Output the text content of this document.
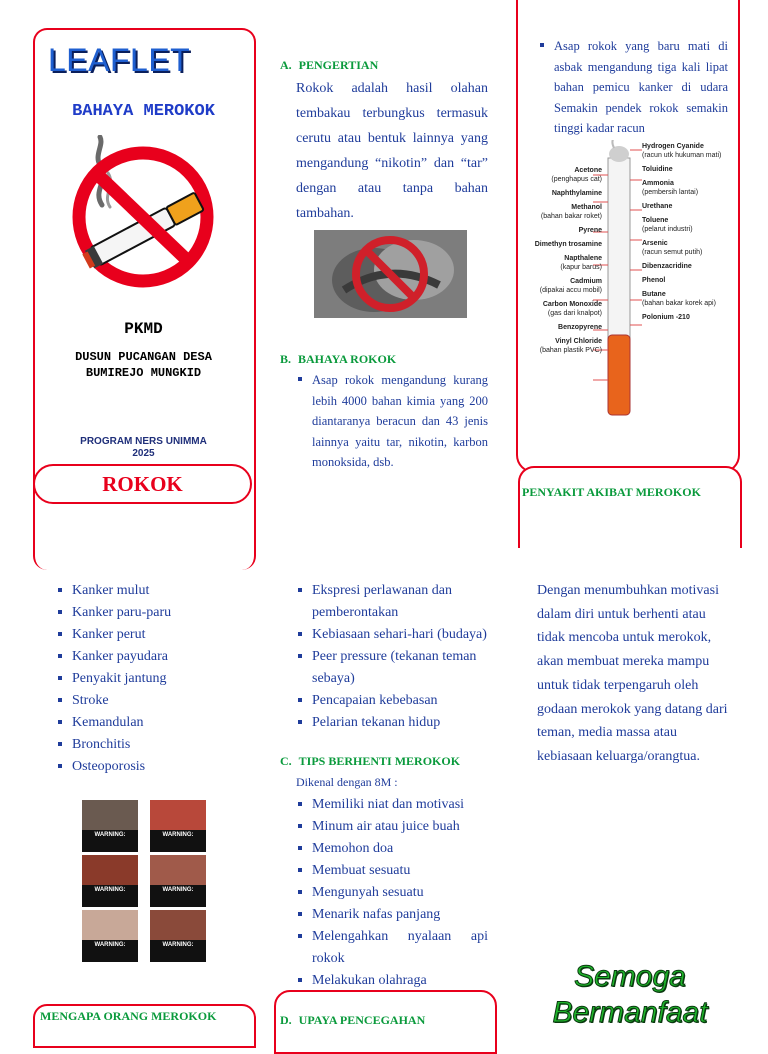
LEAFLET
BAHAYA MEROKOK
PKMD
DUSUN PUCANGAN DESA
BUMIREJO MUNGKID
PROGRAM NERS UNIMMA
2025
ROKOK
A. PENGERTIAN
Rokok adalah hasil olahan tembakau terbungkus termasuk cerutu atau bentuk lainnya yang mengandung “nikotin” dan “tar” dengan atau tanpa bahan tambahan.
B. BAHAYA ROKOK
Asap rokok mengandung kurang lebih 4000 bahan kimia yang 200 diantaranya beracun dan 43 jenis lainnya yaitu tar, nikotin, karbon monoksida, dsb.
Asap rokok yang baru mati di asbak mengandung tiga kali lipat bahan pemicu kanker di udara Semakin pendek rokok semakin tinggi kadar racun
Acetone
(penghapus cat)
Naphthylamine
Methanol
(bahan bakar roket)
Pyrene
Dimethyn trosamine
Napthalene
(kapur barus)
Cadmium
(dipakai accu mobil)
Carbon Monoxide
(gas dari knalpot)
Benzopyrene
Vinyl Chloride
(bahan plastik PVC)
Hydrogen Cyanide
(racun utk hukuman mati)
Toluidine
Ammonia
(pembersih lantai)
Urethane
Toluene
(pelarut industri)
Arsenic
(racun semut putih)
Dibenzacridine
Phenol
Butane
(bahan bakar korek api)
Polonium -210
PENYAKIT AKIBAT MEROKOK
Kanker mulut
Kanker paru-paru
Kanker perut
Kanker payudara
Penyakit jantung
Stroke
Kemandulan
Bronchitis
Osteoporosis
WARNING:	WARNING:
WARNING:	WARNING:
WARNING:	WARNING:
MENGAPA ORANG MEROKOK
Ekspresi perlawanan dan pemberontakan
Kebiasaan sehari-hari (budaya)
Peer pressure (tekanan teman sebaya)
Pencapaian kebebasan
Pelarian tekanan hidup
C. TIPS BERHENTI MEROKOK
Dikenal dengan 8M :
Memiliki niat dan motivasi
Minum air atau juice buah
Memohon doa
Membuat sesuatu
Mengunyah sesuatu
Menarik nafas panjang
Melengahkan nyalaan api rokok
Melakukan olahraga
D. UPAYA PENCEGAHAN
Dengan menumbuhkan motivasi dalam diri untuk berhenti atau tidak mencoba untuk merokok, akan membuat mereka mampu untuk tidak terpengaruh oleh godaan merokok yang datang dari teman, media massa atau kebiasaan keluarga/orangtua.
Semoga
Bermanfaat
